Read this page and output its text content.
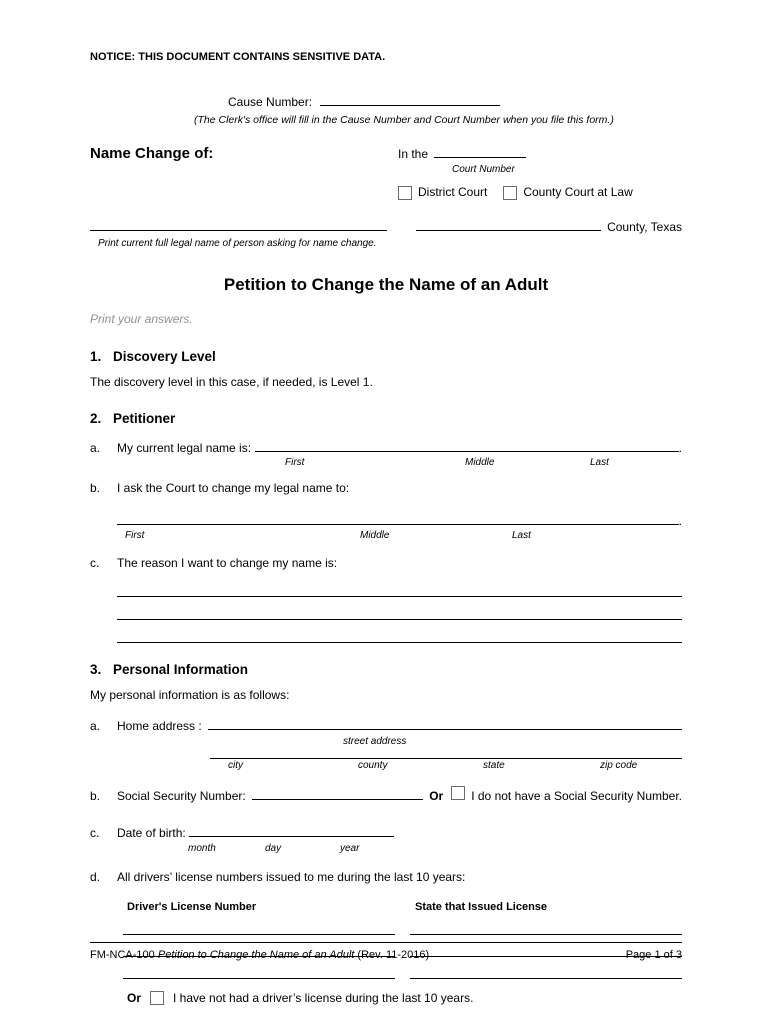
NOTICE: THIS DOCUMENT CONTAINS SENSITIVE DATA.
Cause Number:
(The Clerk's office will fill in the Cause Number and Court Number when you file this form.)
Name Change of:	In the
Court Number
District Court	County Court at Law
Print current full legal name of person asking for name change.
County, Texas
Petition to Change the Name of an Adult
Print your answers.
1. Discovery Level
The discovery level in this case, if needed, is Level 1.
2. Petitioner
a.	My current legal name is:	.
First	Middle	Last
b.	I ask the Court to change my legal name to:
.
First	Middle	Last
c.	The reason I want to change my name is:
3. Personal Information
My personal information is as follows:
a.	Home address :
street address
city	county	state	zip code
b.	Social Security Number:	Or I do not have a Social Security Number.
c.	Date of birth:
month	day	year
d.	All drivers’ license numbers issued to me during the last 10 years:
Driver's License Number	State that Issued License
Or	I have not had a driver’s license during the last 10 years.
FM-NCA-100 Petition to Change the Name of an Adult (Rev. 11-2016)	Page 1 of 3
